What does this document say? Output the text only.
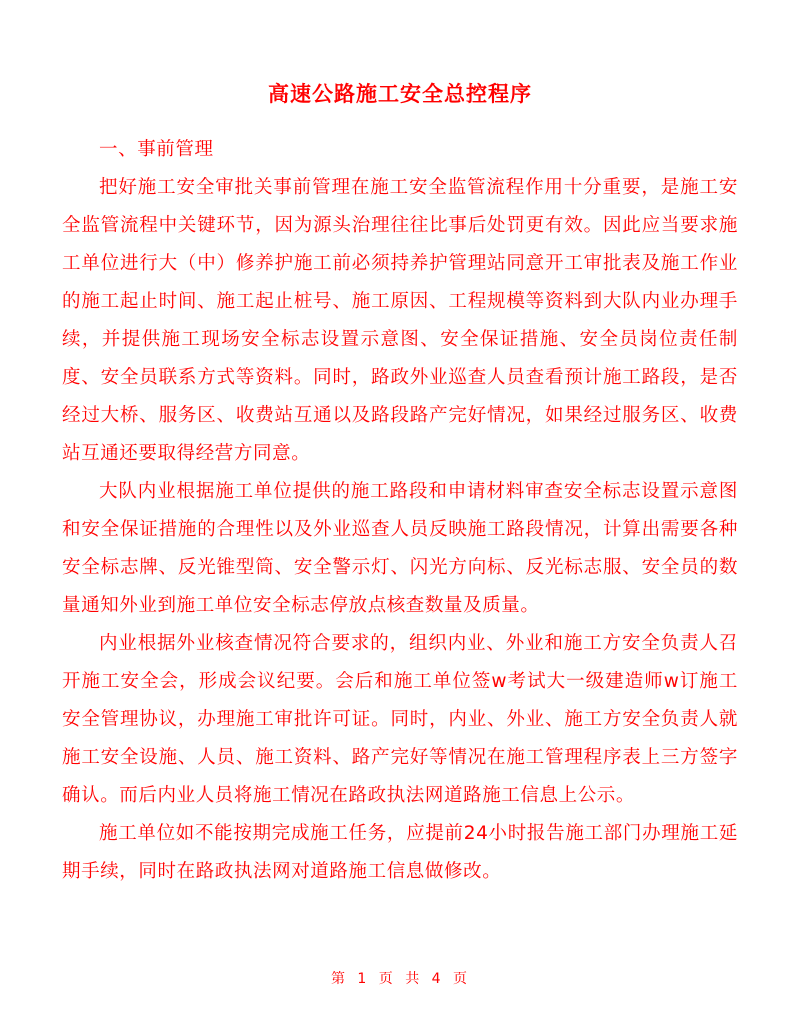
高速公路施工安全总控程序

一、事前管理

把好施工安全审批关事前管理在施工安全监管流程作用十分重要，是施工安全监管流程中关键环节，因为源头治理往往比事后处罚更有效。因此应当要求施工单位进行大（中）修养护施工前必须持养护管理站同意开工审批表及施工作业的施工起止时间、施工起止桩号、施工原因、工程规模等资料到大队内业办理手续，并提供施工现场安全标志设置示意图、安全保证措施、安全员岗位责任制度、安全员联系方式等资料。同时，路政外业巡查人员查看预计施工路段，是否经过大桥、服务区、收费站互通以及路段路产完好情况，如果经过服务区、收费站互通还要取得经营方同意。

大队内业根据施工单位提供的施工路段和申请材料审查安全标志设置示意图和安全保证措施的合理性以及外业巡查人员反映施工路段情况，计算出需要各种安全标志牌、反光锥型筒、安全警示灯、闪光方向标、反光标志服、安全员的数量通知外业到施工单位安全标志停放点核查数量及质量。

内业根据外业核查情况符合要求的，组织内业、外业和施工方安全负责人召开施工安全会，形成会议纪要。会后和施工单位签w考试大一级建造师w订施工安全管理协议，办理施工审批许可证。同时，内业、外业、施工方安全负责人就施工安全设施、人员、施工资料、路产完好等情况在施工管理程序表上三方签字确认。而后内业人员将施工情况在路政执法网道路施工信息上公示。

施工单位如不能按期完成施工任务，应提前24小时报告施工部门办理施工延期手续，同时在路政执法网对道路施工信息做修改。

第 1 页 共 4 页
